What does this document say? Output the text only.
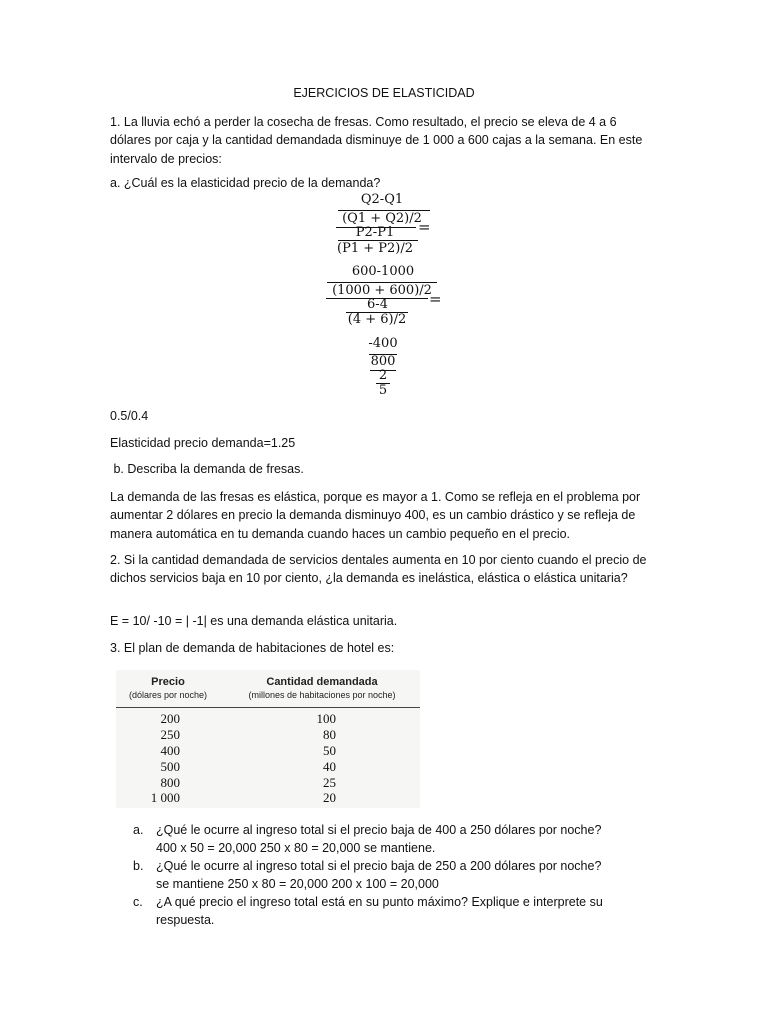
EJERCICIOS DE ELASTICIDAD

1. La lluvia echó a perder la cosecha de fresas. Como resultado, el precio se eleva de 4 a 6 dólares por caja y la cantidad demandada disminuye de 1 000 a 600 cajas a la semana. En este intervalo de precios:

a. ¿Cuál es la elasticidad precio de la demanda?
Q2-Q1
(Q1 + Q2)/2
=
P2-P1
(P1 + P2)/2
600-1000
(1000 + 600)/2
=
6-4
(4 + 6)/2
-400
800
2
5
0.5/0.4
Elasticidad precio demanda=1.25
b. Describa la demanda de fresas.

La demanda de las fresas es elástica, porque es mayor a 1. Como se refleja en el problema por aumentar 2 dólares en precio la demanda disminuyo 400, es un cambio drástico y se refleja de manera automática en tu demanda cuando haces un cambio pequeño en el precio.

2. Si la cantidad demandada de servicios dentales aumenta en 10 por ciento cuando el precio de dichos servicios baja en 10 por ciento, ¿la demanda es inelástica, elástica o elástica unitaria?

E = 10/ -10 = | -1| es una demanda elástica unitaria.
3. El plan de demanda de habitaciones de hotel es:
Precio
(dólares por noche)
Cantidad demandada
(millones de habitaciones por noche)
200	100
250	80
400	50
500	40
800	25
1 000	20
a. ¿Qué le ocurre al ingreso total si el precio baja de 400 a 250 dólares por noche?
400 x 50 = 20,000 250 x 80 = 20,000 se mantiene.
b. ¿Qué le ocurre al ingreso total si el precio baja de 250 a 200 dólares por noche?
se mantiene 250 x 80 = 20,000 200 x 100 = 20,000
c. ¿A qué precio el ingreso total está en su punto máximo? Explique e interprete su
respuesta.
